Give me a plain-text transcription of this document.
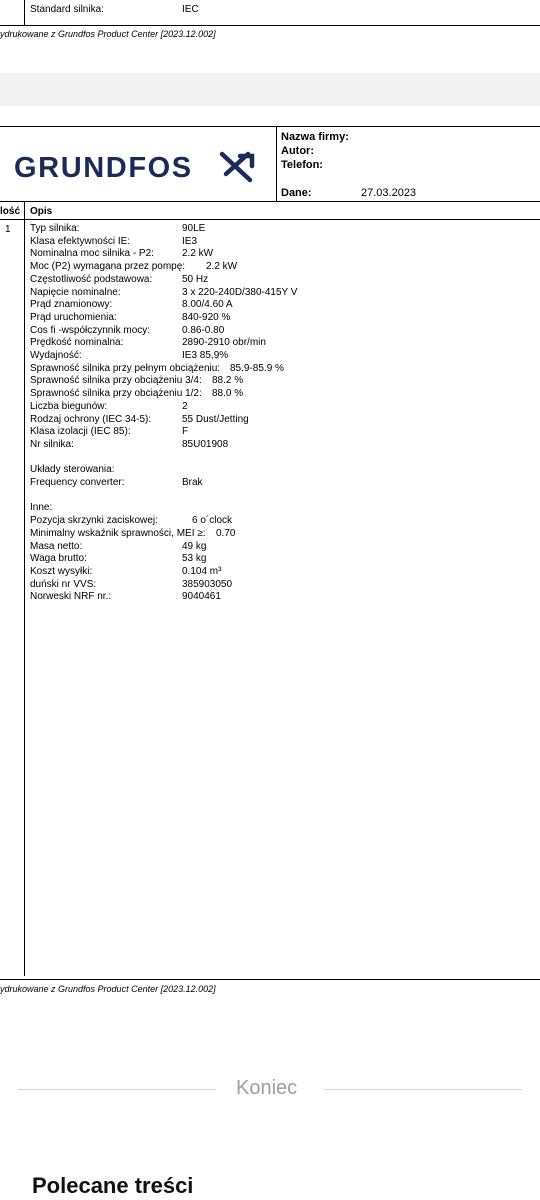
Standard silnika:	IEC
ydrukowane z Grundfos Product Center [2023.12.002]
GRUNDFOS
Nazwa firmy:
Autor:
Telefon:
Dane:	27.03.2023
lość Opis
1 Typ silnika:	90LE
Klasa efektywności IE:	IE3
Nominalna moc silnika - P2:	2.2 kW
Moc (P2) wymagana przez pompę: 2.2 kW
Częstotliwość podstawowa:	50 Hz
Napięcie nominalne:	3 x 220-240D/380-415Y V
Prąd znamionowy:	8.00/4.60 A
Prąd uruchomienia:	840-920 %
Cos fi -współczynnik mocy:	0.86-0.80
Prędkość nominalna:	2890-2910 obr/min
Wydajność:	IE3 85,9%
Sprawność silnika przy pełnym obciążeniu: 85.9-85.9 %
Sprawność silnika przy obciążeniu 3/4: 88.2 %
Sprawność silnika przy obciążeniu 1/2: 88.0 %
Liczba biegunów:	2
Rodzaj ochrony (IEC 34-5):	55 Dust/Jetting
Klasa izolacji (IEC 85):	F
Nr silnika:	85U01908
Układy sterowania:
Frequency converter:	Brak
Inne:
Pozycja skrzynki zaciskowej:	6 o´clock
Minimalny wskaźnik sprawności, MEI ≥: 0.70
Masa netto:	49 kg
Waga brutto:	53 kg
Koszt wysyłki:	0.104 m³
duński nr VVS:	385903050
Norweski NRF nr.:	9040461
ydrukowane z Grundfos Product Center [2023.12.002]
Koniec
Polecane treści
